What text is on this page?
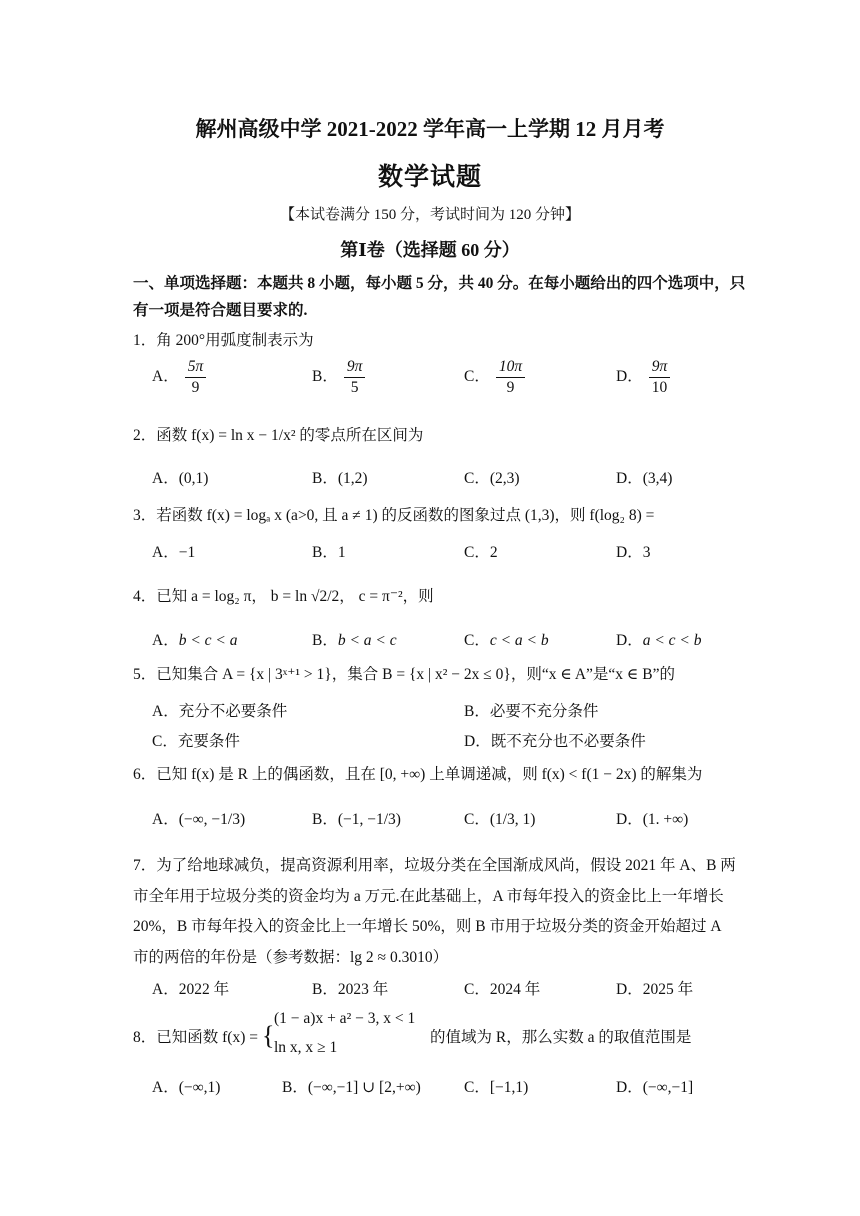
解州高级中学 2021-2022 学年高一上学期 12 月月考
数学试题
【本试卷满分 150 分，考试时间为 120 分钟】
第Ⅰ卷（选择题 60 分）
一、单项选择题：本题共 8 小题，每小题 5 分，共 40 分。在每小题给出的四个选项中，只
有一项是符合题目要求的.
1．角 200°用弧度制表示为
A． $\frac{5\pi}{9}$	B． $\frac{9\pi}{5}$	C． $\frac{10\pi}{9}$	D． $\frac{9\pi}{10}$
2．函数 f(x) = ln x − 1/x² 的零点所在区间为
A．(0,1)	B．(1,2)	C．(2,3)	D．(3,4)
3．若函数 f(x) = logₐ x (a>0, 且 a ≠ 1) 的反函数的图象过点 (1,3)，则 f(log₂ 8) =
A．−1	B．1	C．2	D．3
4．已知 a = log₂ π， b = ln √2/2， c = π⁻²，则
A．b < c < a	B．b < a < c	C．c < a < b	D．a < c < b
5．已知集合 A = {x | 3ˣ⁺¹ > 1}，集合 B = {x | x² − 2x ≤ 0}，则“x ∈ A”是“x ∈ B”的
A．充分不必要条件	B．必要不充分条件
C．充要条件	D．既不充分也不必要条件
6．已知 f(x) 是 R 上的偶函数，且在 [0, +∞) 上单调递减，则 f(x) < f(1 − 2x) 的解集为
A．(−∞, −1/3)	B．(−1, −1/3)	C．(1/3, 1)	D．(1. +∞)
7．为了给地球减负，提高资源利用率，垃圾分类在全国渐成风尚，假设 2021 年 A、B 两
市全年用于垃圾分类的资金均为 a 万元.在此基础上，A 市每年投入的资金比上一年增长
20%，B 市每年投入的资金比上一年增长 50%，则 B 市用于垃圾分类的资金开始超过 A
市的两倍的年份是（参考数据：lg 2 ≈ 0.3010）
A．2022 年	B．2023 年	C．2024 年	D．2025 年
8．已知函数 f(x) = {
(1 − a)x + a² − 3, x < 1
ln x, x ≥ 1
的值域为 R，那么实数 a 的取值范围是
A．(−∞,1)	B．(−∞,−1] ∪ [2,+∞)	C．[−1,1)	D．(−∞,−1]
